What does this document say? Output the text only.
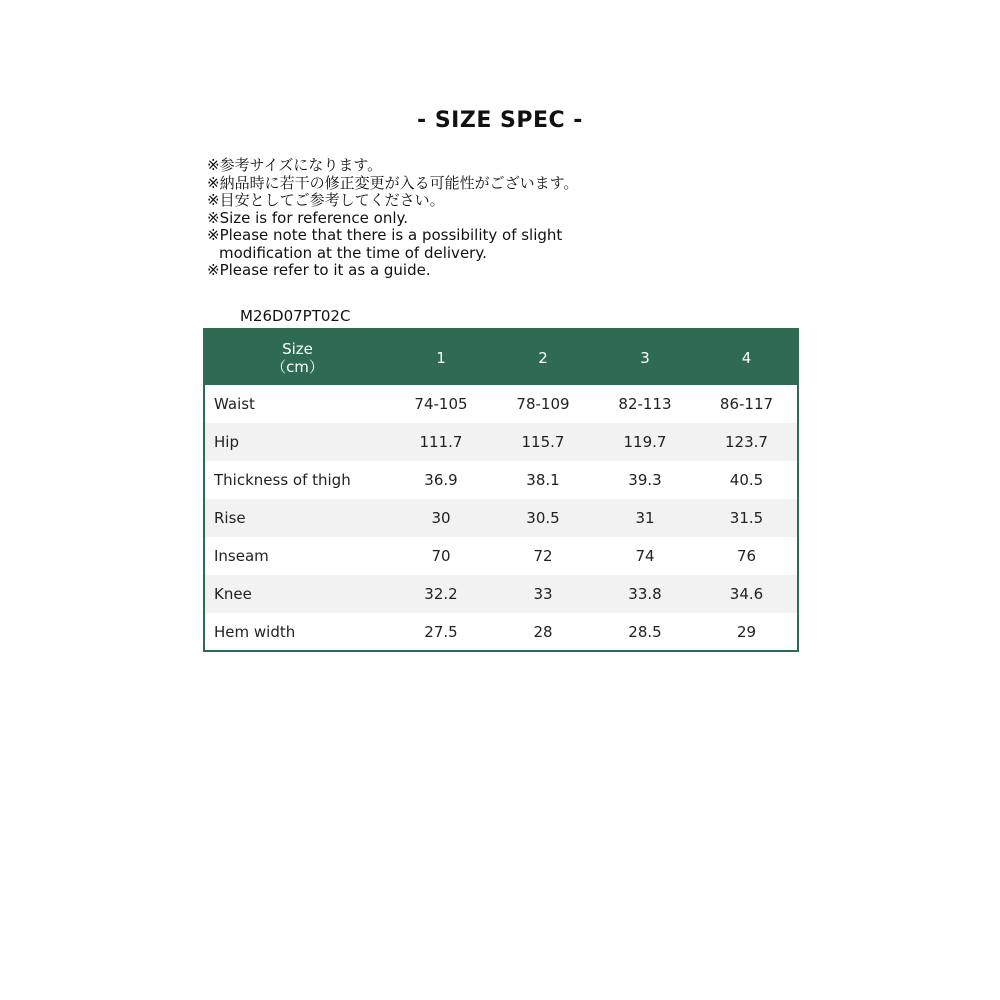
- SIZE SPEC -
※参考サイズになります。
※納品時に若干の修正変更が入る可能性がございます。
※目安としてご参考してください。
※Size is for reference only.
※Please note that there is a possibility of slight
modification at the time of delivery.
※Please refer to it as a guide.
M26D07PT02C
Size
（cm）	1	2	3	4
Waist	74-105	78-109	82-113	86-117
Hip	111.7	115.7	119.7	123.7
Thickness of thigh	36.9	38.1	39.3	40.5
Rise	30	30.5	31	31.5
Inseam	70	72	74	76
Knee	32.2	33	33.8	34.6
Hem width	27.5	28	28.5	29
